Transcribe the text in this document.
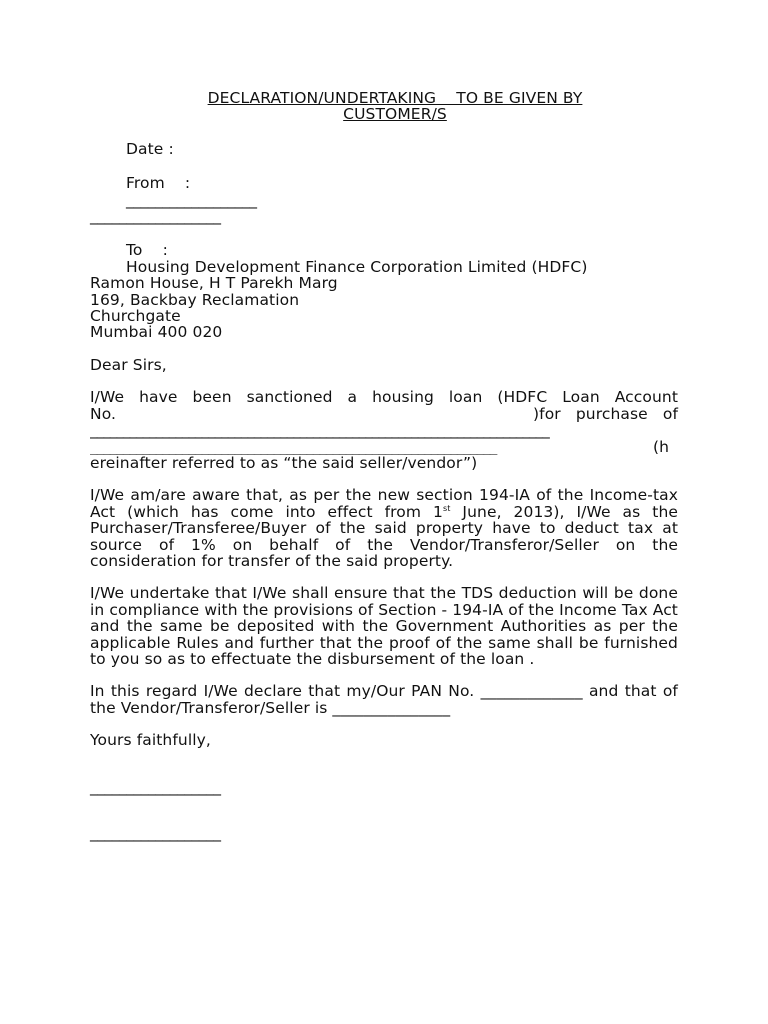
DECLARATION/UNDERTAKING    TO BE GIVEN BY
CUSTOMER/S
Date :
From    :
__________________
__________________
To    :
Housing Development Finance Corporation Limited (HDFC)
Ramon House, H T Parekh Marg
169, Backbay Reclamation
Churchgate
Mumbai 400 020
Dear Sirs,
I/We have been sanctioned a housing loan (HDFC Loan Account
No.	)for   purchase   of
______________________________________________________________________
______________________________________________________________	(h
ereinafter referred to as “the said seller/vendor”)
I/We am/are aware that, as per the new section 194-IA of the Income-tax Act (which has come into effect from 1st June, 2013), I/We as the Purchaser/Transferee/Buyer of the said property have to deduct tax at source of 1% on behalf of the Vendor/Transferor/Seller on the consideration for transfer of the said property.
I/We undertake that I/We shall ensure that the TDS deduction will be done in compliance with the provisions of Section - 194-IA of the Income Tax Act and the same be deposited with the Government Authorities as per the applicable Rules and further that the proof of the same shall be furnished to you so as to effectuate the disbursement of the loan .
In this regard I/We declare that my/Our PAN No. _____________ and that of the Vendor/Transferor/Seller is _______________
Yours faithfully,
__________________
__________________
